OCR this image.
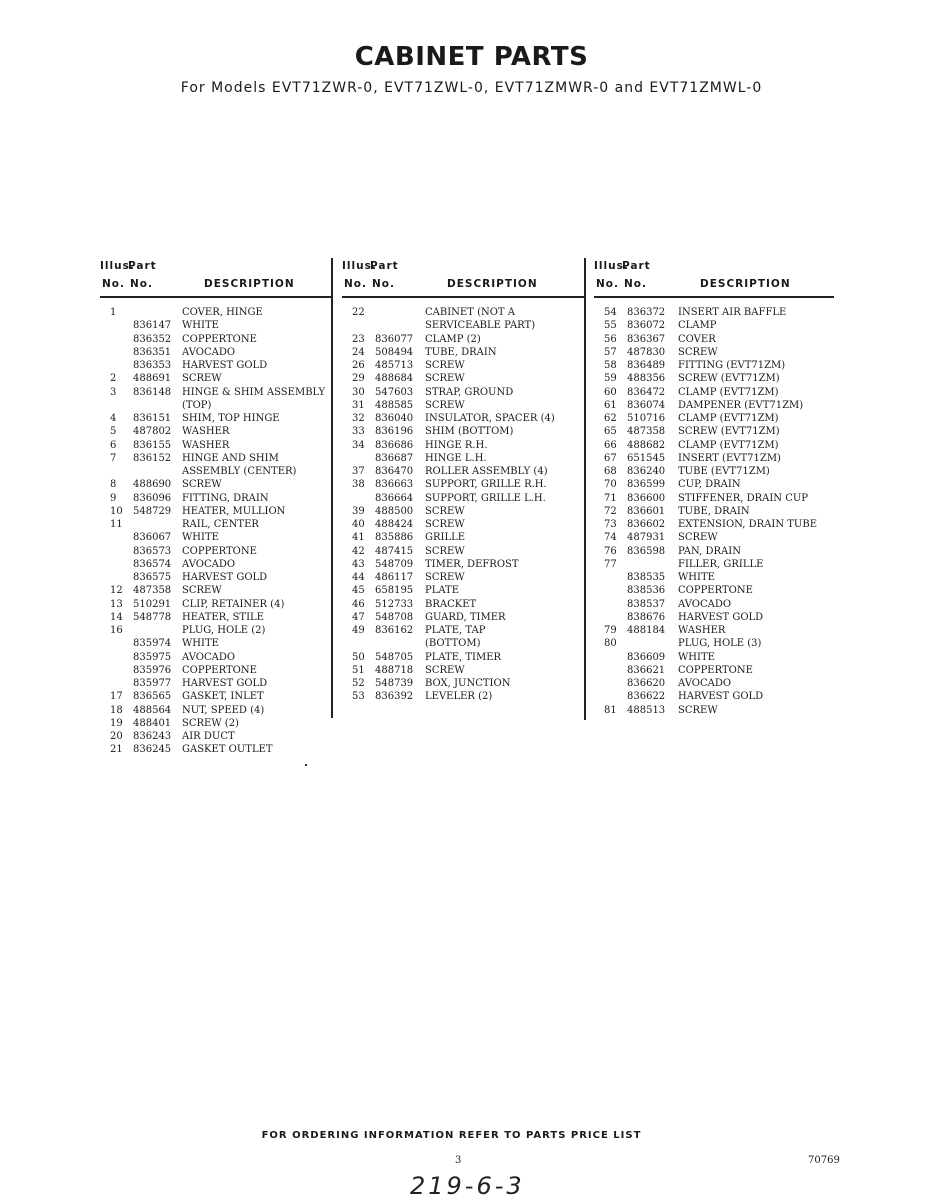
CABINET PARTS
For Models EVT71ZWR-0, EVT71ZWL-0, EVT71ZMWR-0 and EVT71ZMWL-0
Illus.
Part
No. No.	DESCRIPTION
1	COVER, HINGE
836147 WHITE
836352 COPPERTONE
836351 AVOCADO
836353 HARVEST GOLD
2 488691 SCREW
3 836148 HINGE & SHIM ASSEMBLY
(TOP)
4 836151 SHIM, TOP HINGE
5 487802 WASHER
6 836155 WASHER
7 836152 HINGE AND SHIM
ASSEMBLY (CENTER)
8 488690 SCREW
9 836096 FITTING, DRAIN
10 548729 HEATER, MULLION
11	RAIL, CENTER
836067 WHITE
836573 COPPERTONE
836574 AVOCADO
836575 HARVEST GOLD
12 487358 SCREW
13 510291 CLIP, RETAINER (4)
14 548778 HEATER, STILE
16	PLUG, HOLE (2)
835974 WHITE
835975 AVOCADO
835976 COPPERTONE
835977 HARVEST GOLD
17 836565 GASKET, INLET
18 488564 NUT, SPEED (4)
19 488401 SCREW (2)
20 836243 AIR DUCT
21 836245 GASKET OUTLET
Illus.
Part
No. No.	DESCRIPTION
22	CABINET (NOT A
SERVICEABLE PART)
23 836077 CLAMP (2)
24 508494 TUBE, DRAIN
26 485713 SCREW
29 488684 SCREW
30 547603 STRAP, GROUND
31 488585 SCREW
32 836040 INSULATOR, SPACER (4)
33 836196 SHIM (BOTTOM)
34 836686 HINGE R.H.
836687 HINGE L.H.
37 836470 ROLLER ASSEMBLY (4)
38 836663 SUPPORT, GRILLE R.H.
836664 SUPPORT, GRILLE L.H.
39 488500 SCREW
40 488424 SCREW
41 835886 GRILLE
42 487415 SCREW
43 548709 TIMER, DEFROST
44 486117 SCREW
45 658195 PLATE
46 512733 BRACKET
47 548708 GUARD, TIMER
49 836162 PLATE, TAP
(BOTTOM)
50 548705 PLATE, TIMER
51 488718 SCREW
52 548739 BOX, JUNCTION
53 836392 LEVELER (2)
Illus.
Part
No. No.	DESCRIPTION
54 836372 INSERT AIR BAFFLE
55 836072 CLAMP
56 836367 COVER
57 487830 SCREW
58 836489 FITTING (EVT71ZM)
59 488356 SCREW (EVT71ZM)
60 836472 CLAMP (EVT71ZM)
61 836074 DAMPENER (EVT71ZM)
62 510716 CLAMP (EVT71ZM)
65 487358 SCREW (EVT71ZM)
66 488682 CLAMP (EVT71ZM)
67 651545 INSERT (EVT71ZM)
68 836240 TUBE (EVT71ZM)
70 836599 CUP, DRAIN
71 836600 STIFFENER, DRAIN CUP
72 836601 TUBE, DRAIN
73 836602 EXTENSION, DRAIN TUBE
74 487931 SCREW
76 836598 PAN, DRAIN
77	FILLER, GRILLE
838535 WHITE
838536 COPPERTONE
838537 AVOCADO
838676 HARVEST GOLD
79 488184 WASHER
80	PLUG, HOLE (3)
836609 WHITE
836621 COPPERTONE
836620 AVOCADO
836622 HARVEST GOLD
81 488513 SCREW
FOR ORDERING INFORMATION REFER TO PARTS PRICE LIST
3	70769
219-6-3
